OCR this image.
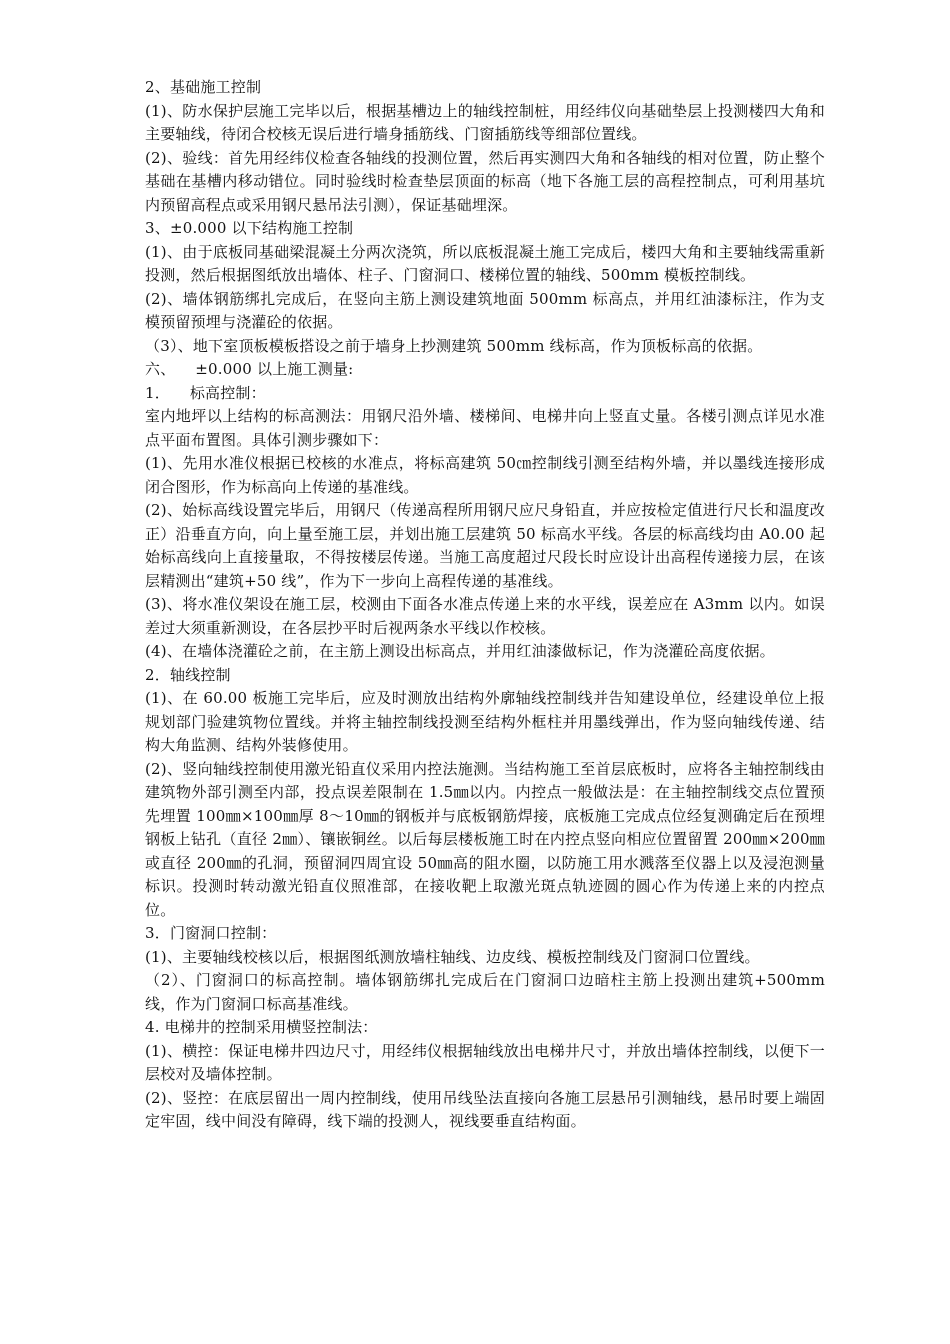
2、基础施工控制

(1)、防水保护层施工完毕以后，根据基槽边上的轴线控制桩，用经纬仪向基础垫层上投测楼四大角和主要轴线，待闭合校核无误后进行墙身插筋线、门窗插筋线等细部位置线。

(2)、验线：首先用经纬仪检查各轴线的投测位置，然后再实测四大角和各轴线的相对位置，防止整个基础在基槽内移动错位。同时验线时检查垫层顶面的标高（地下各施工层的高程控制点，可利用基坑内预留高程点或采用钢尺悬吊法引测），保证基础埋深。

3、±0.000 以下结构施工控制

(1)、由于底板同基础梁混凝土分两次浇筑，所以底板混凝土施工完成后，楼四大角和主要轴线需重新投测，然后根据图纸放出墙体、柱子、门窗洞口、楼梯位置的轴线、500mm 模板控制线。

(2)、墙体钢筋绑扎完成后，在竖向主筋上测设建筑地面 500mm 标高点，并用红油漆标注，作为支模预留预埋与浇灌砼的依据。

（3）、地下室顶板模板搭设之前于墙身上抄测建筑 500mm 线标高，作为顶板标高的依据。

六、    ±0.000 以上施工测量:

1．    标高控制：

室内地坪以上结构的标高测法：用钢尺沿外墙、楼梯间、电梯井向上竖直丈量。各楼引测点详见水准点平面布置图。具体引测步骤如下：

(1)、先用水准仪根据已校核的水准点，将标高建筑 50㎝控制线引测至结构外墙，并以墨线连接形成闭合图形，作为标高向上传递的基准线。

(2)、始标高线设置完毕后，用钢尺（传递高程所用钢尺应尺身铅直，并应按检定值进行尺长和温度改正）沿垂直方向，向上量至施工层，并划出施工层建筑 50 标高水平线。各层的标高线均由 A0.00 起始标高线向上直接量取，不得按楼层传递。当施工高度超过尺段长时应设计出高程传递接力层，在该层精测出“建筑+50 线”，作为下一步向上高程传递的基准线。

(3)、将水准仪架设在施工层，校测由下面各水准点传递上来的水平线，误差应在 A3mm 以内。如误差过大须重新测设，在各层抄平时后视两条水平线以作校核。

(4)、在墙体浇灌砼之前，在主筋上测设出标高点，并用红油漆做标记，作为浇灌砼高度依据。

2．轴线控制

(1)、在 60.00 板施工完毕后，应及时测放出结构外廓轴线控制线并告知建设单位，经建设单位上报规划部门验建筑物位置线。并将主轴控制线投测至结构外框柱并用墨线弹出，作为竖向轴线传递、结构大角监测、结构外装修使用。

(2)、竖向轴线控制使用激光铅直仪采用内控法施测。当结构施工至首层底板时，应将各主轴控制线由建筑物外部引测至内部，投点误差限制在 1.5㎜以内。内控点一般做法是：在主轴控制线交点位置预先埋置 100㎜×100㎜厚 8～10㎜的钢板并与底板钢筋焊接，底板施工完成点位经复测确定后在预埋钢板上钻孔（直径 2㎜）、镶嵌铜丝。以后每层楼板施工时在内控点竖向相应位置留置 200㎜×200㎜或直径 200㎜的孔洞，预留洞四周宜设 50㎜高的阻水圈，以防施工用水溅落至仪器上以及浸泡测量标识。投测时转动激光铅直仪照准部，在接收靶上取激光斑点轨迹圆的圆心作为传递上来的内控点位。

3．门窗洞口控制：

(1)、主要轴线校核以后，根据图纸测放墙柱轴线、边皮线、模板控制线及门窗洞口位置线。

（2）、门窗洞口的标高控制。墙体钢筋绑扎完成后在门窗洞口边暗柱主筋上投测出建筑+500mm 线，作为门窗洞口标高基准线。

4. 电梯井的控制采用横竖控制法：

(1)、横控：保证电梯井四边尺寸，用经纬仪根据轴线放出电梯井尺寸，并放出墙体控制线，以便下一层校对及墙体控制。

(2)、竖控：在底层留出一周内控制线，使用吊线坠法直接向各施工层悬吊引测轴线，悬吊时要上端固定牢固，线中间没有障碍，线下端的投测人，视线要垂直结构面。
